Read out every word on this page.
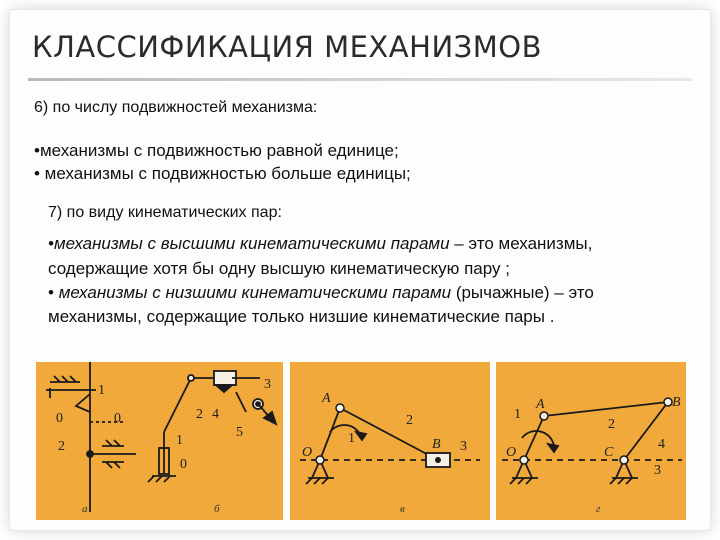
КЛАССИФИКАЦИЯ МЕХАНИЗМОВ
6) по числу подвижностей механизма:
•механизмы с подвижностью равной единице;
• механизмы с подвижностью больше единицы;
7) по виду кинематических пар:
•механизмы с высшими кинематическими парами – это механизмы,
содержащие хотя бы одну высшую кинематическую пару ;
• механизмы с низшими кинематическими парами (рычажные) – это
механизмы, содержащие только низшие кинематические пары .
1
0	0
2
2 4
1
0
3
5
а	б
A
2
O
1	B 3
в
1
A	B
2
O	C
4
3
г
